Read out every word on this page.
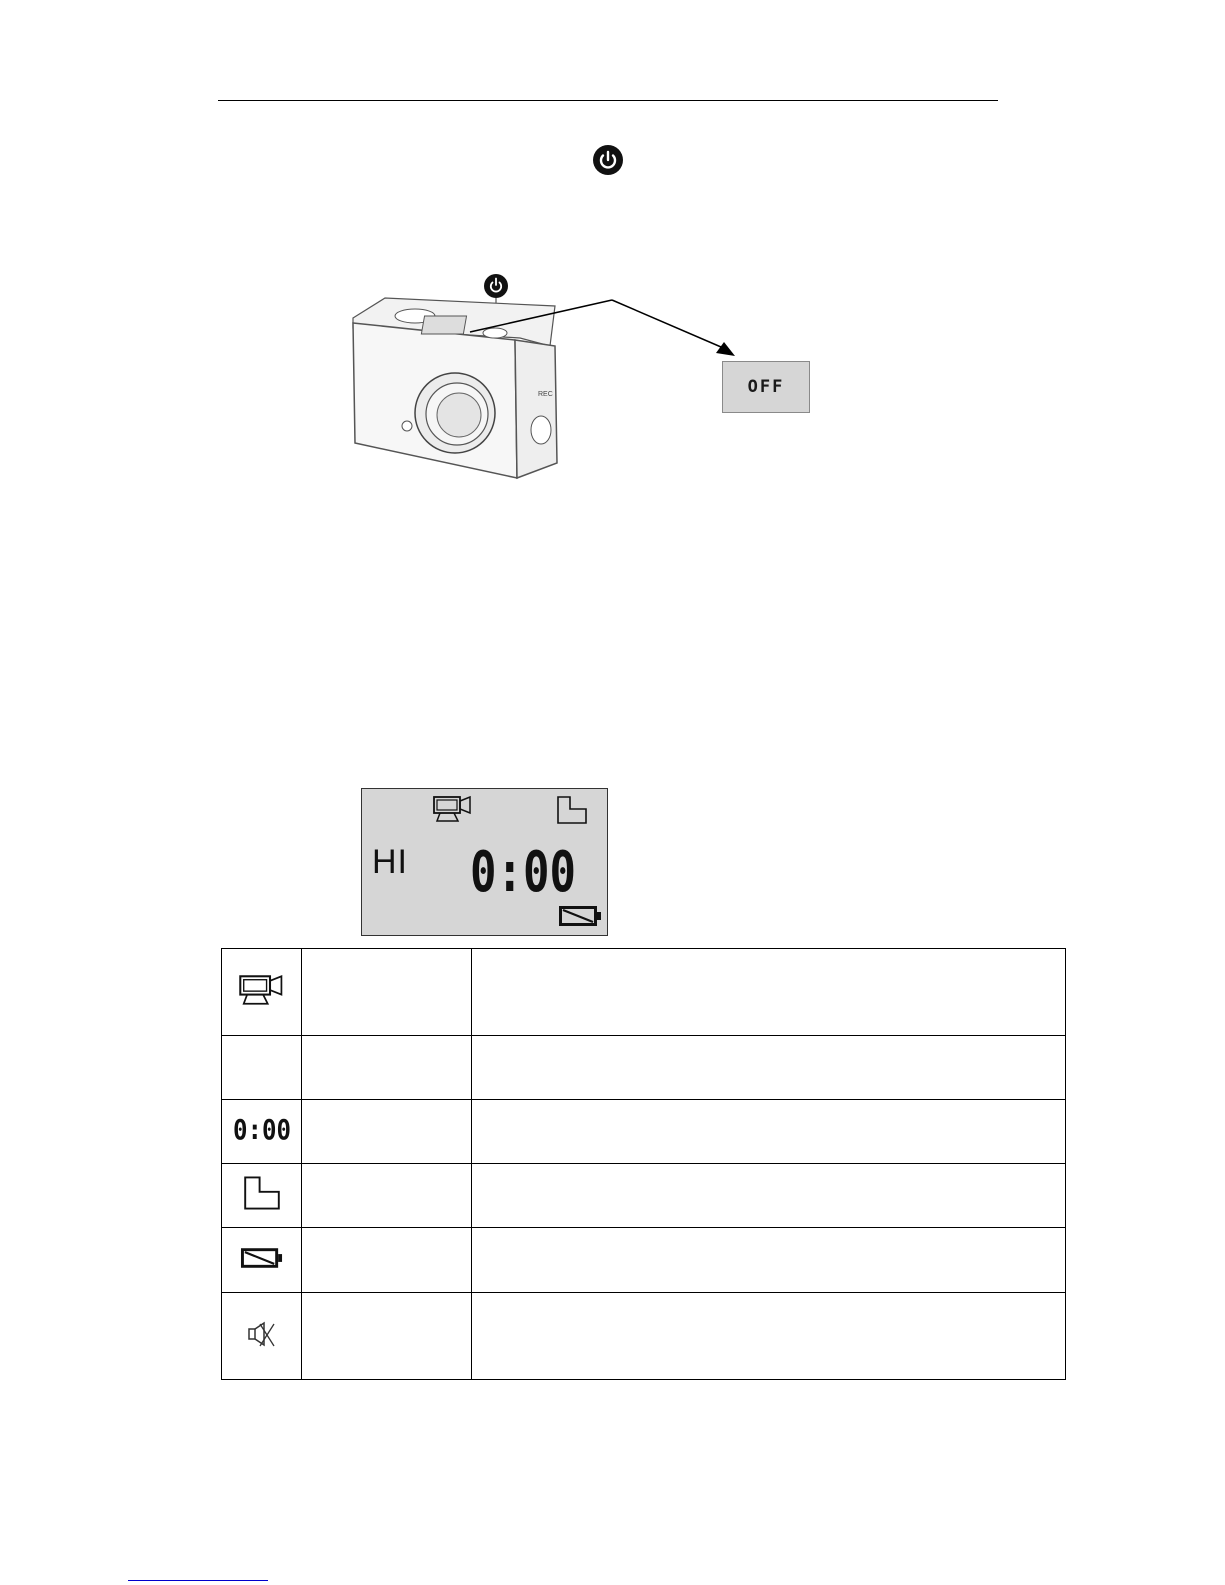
REC	OFF
HI 0:00

0:00		
